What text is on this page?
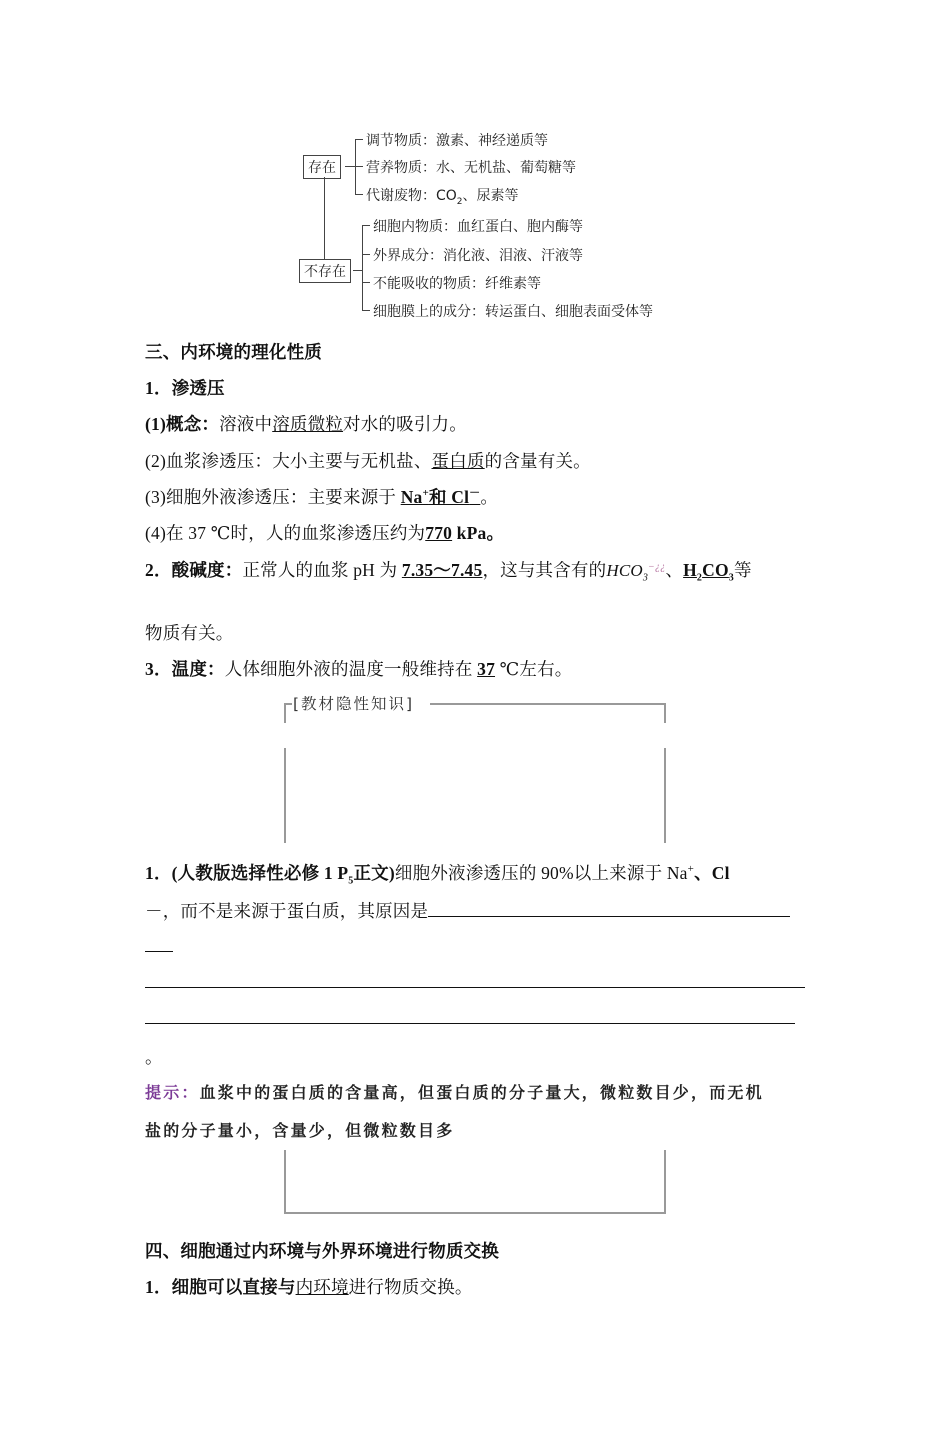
存在
不存在
调节物质：激素、神经递质等
营养物质：水、无机盐、葡萄糖等
代谢废物：$CO_2$、尿素等
细胞内物质：血红蛋白、胞内酶等
外界成分：消化液、泪液、汗液等
不能吸收的物质：纤维素等
细胞膜上的成分：转运蛋白、细胞表面受体等
三、内环境的理化性质
1．渗透压
(1)概念：溶液中溶质微粒对水的吸引力。
(2)血浆渗透压：大小主要与无机盐、蛋白质的含量有关。
(3)细胞外液渗透压：主要来源于 Na+和 Cl－。
(4)在 37 ℃时，人的血浆渗透压约为770 kPa。
2．酸碱度：正常人的血浆 pH 为 7.35～7.45，这与其含有的$HCO_3^{-¿¿}$、$H_2CO_3$等
物质有关。
3．温度：人体细胞外液的温度一般维持在 37 ℃左右。
[教材隐性知识]
1．(人教版选择性必修 1 $P_5$正文)细胞外液渗透压的 90%以上来源于 Na+、Cl
－，而不是来源于蛋白质，其原因是
。
提示：血浆中的蛋白质的含量高，但蛋白质的分子量大，微粒数目少，而无机
盐的分子量小，含量少，但微粒数目多
四、细胞通过内环境与外界环境进行物质交换
1．细胞可以直接与内环境进行物质交换。
